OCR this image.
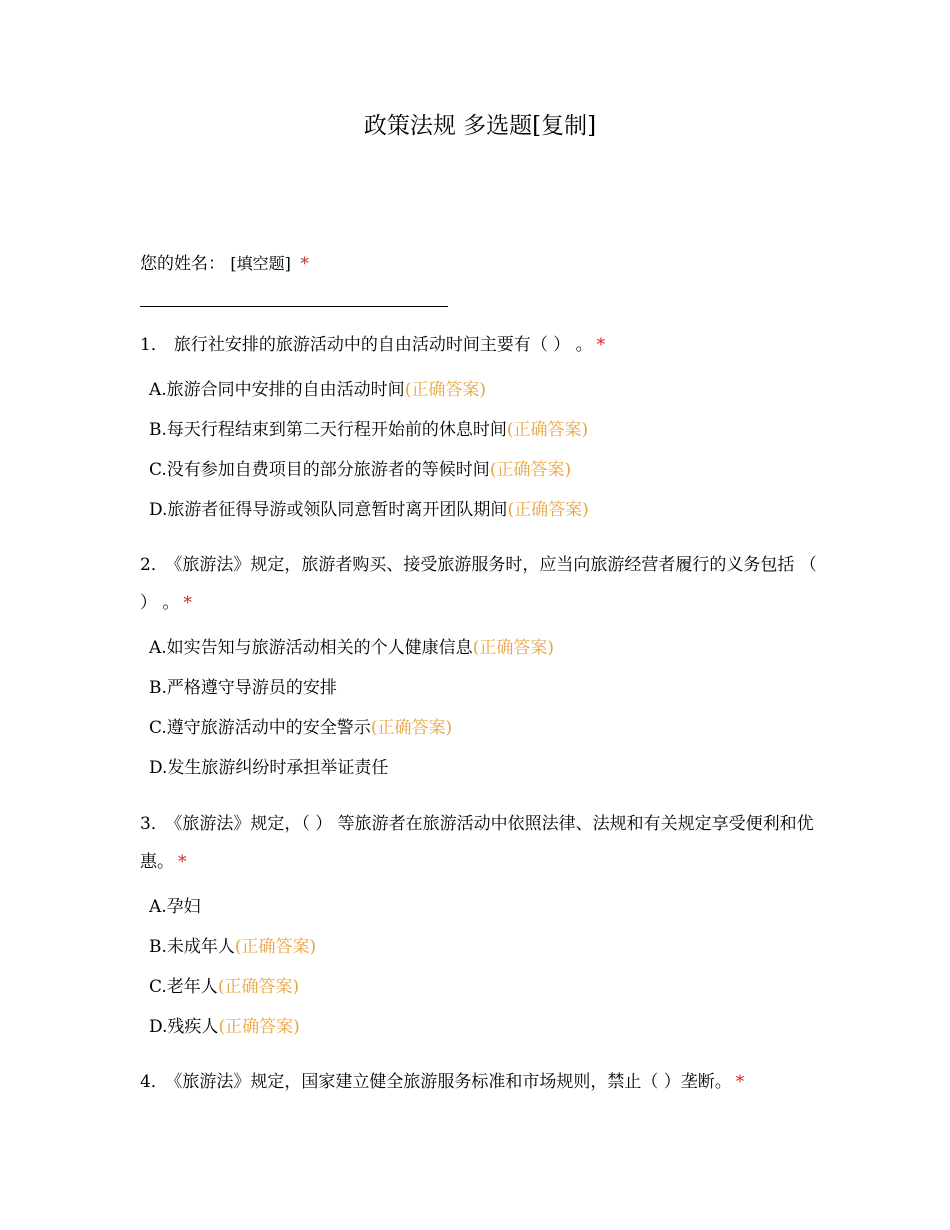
政策法规 多选题[复制]
您的姓名： [填空题] *
1． 旅行社安排的旅游活动中的自由活动时间主要有（ ） 。 *
A.旅游合同中安排的自由活动时间(正确答案)
B.每天行程结束到第二天行程开始前的休息时间(正确答案)
C.没有参加自费项目的部分旅游者的等候时间(正确答案)
D.旅游者征得导游或领队同意暂时离开团队期间(正确答案)
2． 《旅游法》规定，旅游者购买、接受旅游服务时，应当向旅游经营者履行的义务包括 （ ） 。 *
A.如实告知与旅游活动相关的个人健康信息(正确答案)
B.严格遵守导游员的安排
C.遵守旅游活动中的安全警示(正确答案)
D.发生旅游纠纷时承担举证责任
3． 《旅游法》规定，（ ） 等旅游者在旅游活动中依照法律、法规和有关规定享受便利和优惠。 *
A.孕妇
B.未成年人(正确答案)
C.老年人(正确答案)
D.残疾人(正确答案)
4． 《旅游法》规定，国家建立健全旅游服务标准和市场规则，禁止（ ）垄断。 *
